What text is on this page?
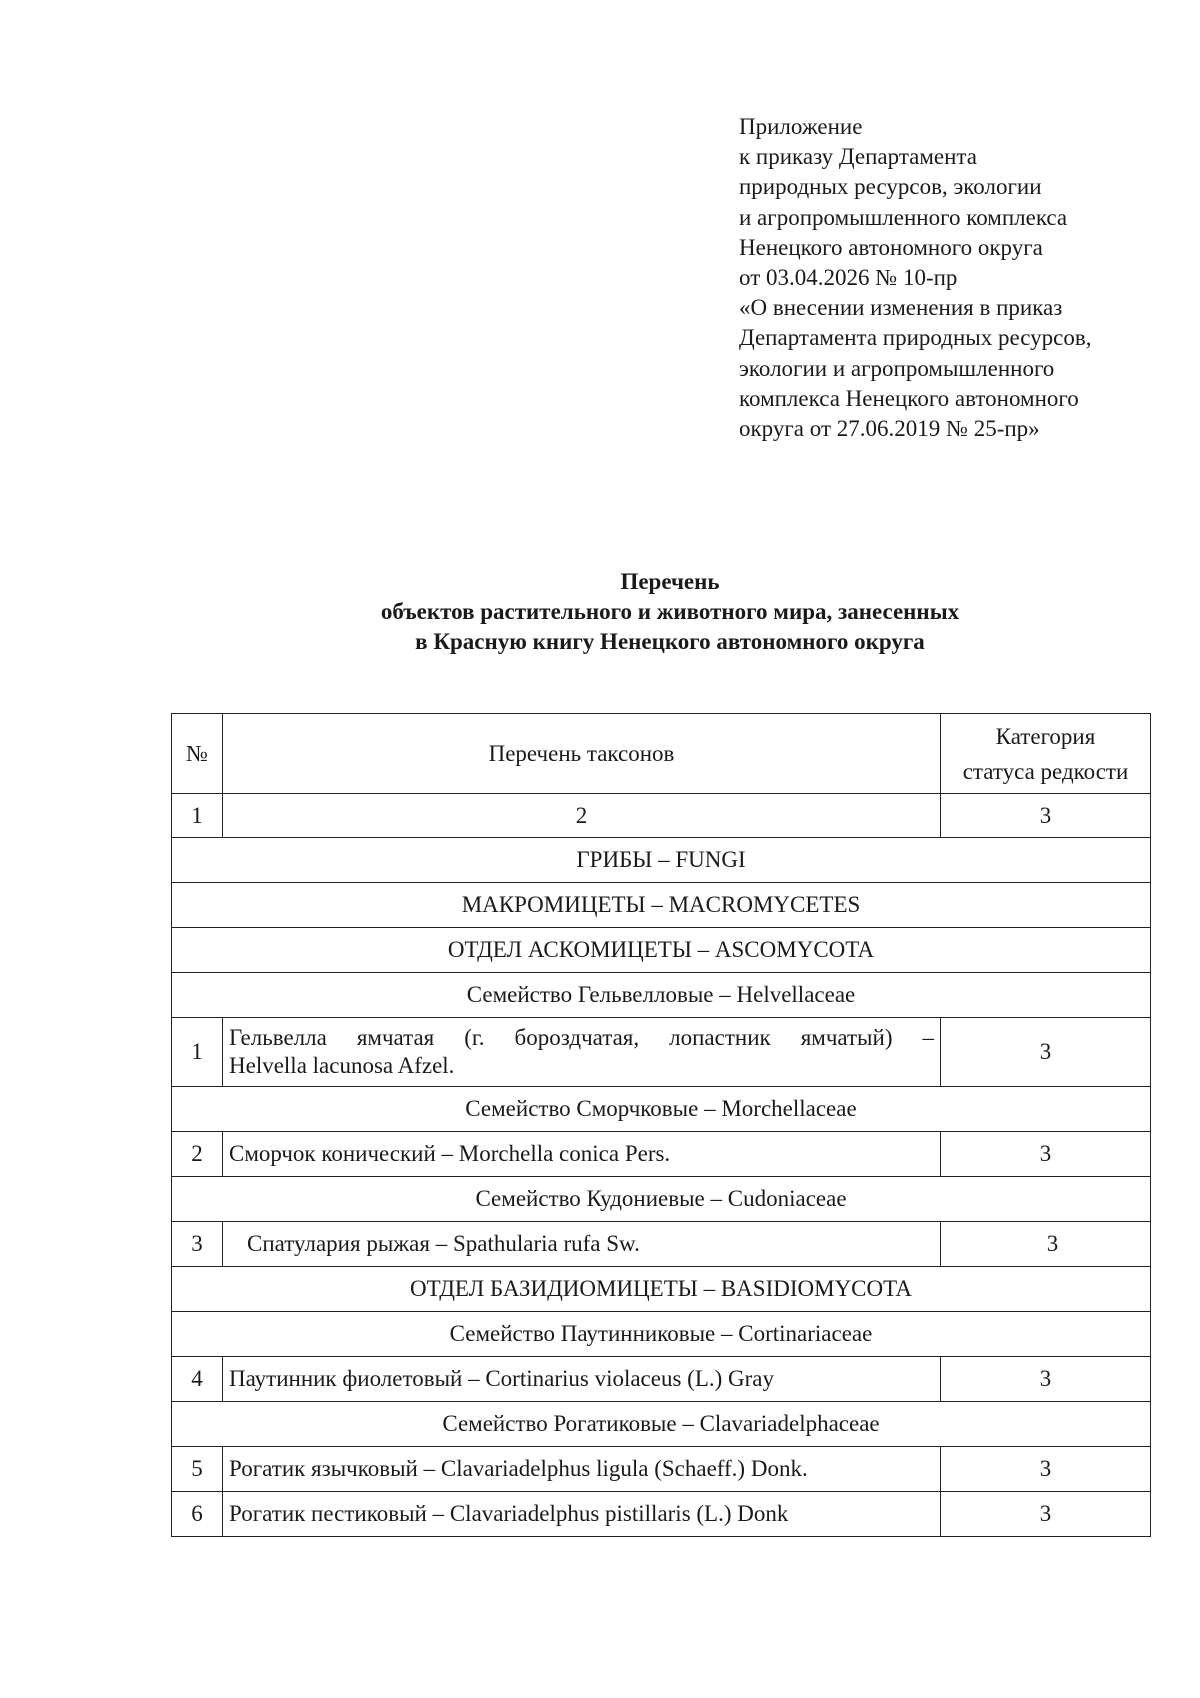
Приложение
к приказу Департамента
природных ресурсов, экологии
и агропромышленного комплекса
Ненецкого автономного округа
от 03.04.2026 № 10-пр
«О внесении изменения в приказ
Департамента природных ресурсов,
экологии и агропромышленного
комплекса Ненецкого автономного
округа от 27.06.2019 № 25-пр»
Перечень
объектов растительного и животного мира, занесенных
в Красную книгу Ненецкого автономного округа
№	Перечень таксонов	Категория
статуса редкости

1	2	3
ГРИБЫ – FUNGI		
МАКРОМИЦЕТЫ – MACROMYCETES		
ОТДЕЛ АСКОМИЦЕТЫ – ASCOMYCOTA		
Семейство Гельвелловые – Helvellaceae		
1	Гельвелла ямчатая (г. бороздчатая, лопастник ямчатый) –
Helvella lacunosa Afzel.	3
Семейство Сморчковые – Morchellaceae		
2	Сморчок конический – Morchella conica Pers.	3
Семейство Кудониевые – Cudoniaceae		
3	Спатулария рыжая – Spathularia rufa Sw.	3
ОТДЕЛ БАЗИДИОМИЦЕТЫ – BASIDIOMYCOTA		
Семейство Паутинниковые – Cortinariaceae		
4	Паутинник фиолетовый – Cortinarius violaceus (L.) Gray	3
Семейство Рогатиковые – Clavariadelphaceae		
5	Рогатик язычковый – Clavariadelphus ligula (Schaeff.) Donk.	3
6	Рогатик пестиковый – Clavariadelphus pistillaris (L.) Donk	3
